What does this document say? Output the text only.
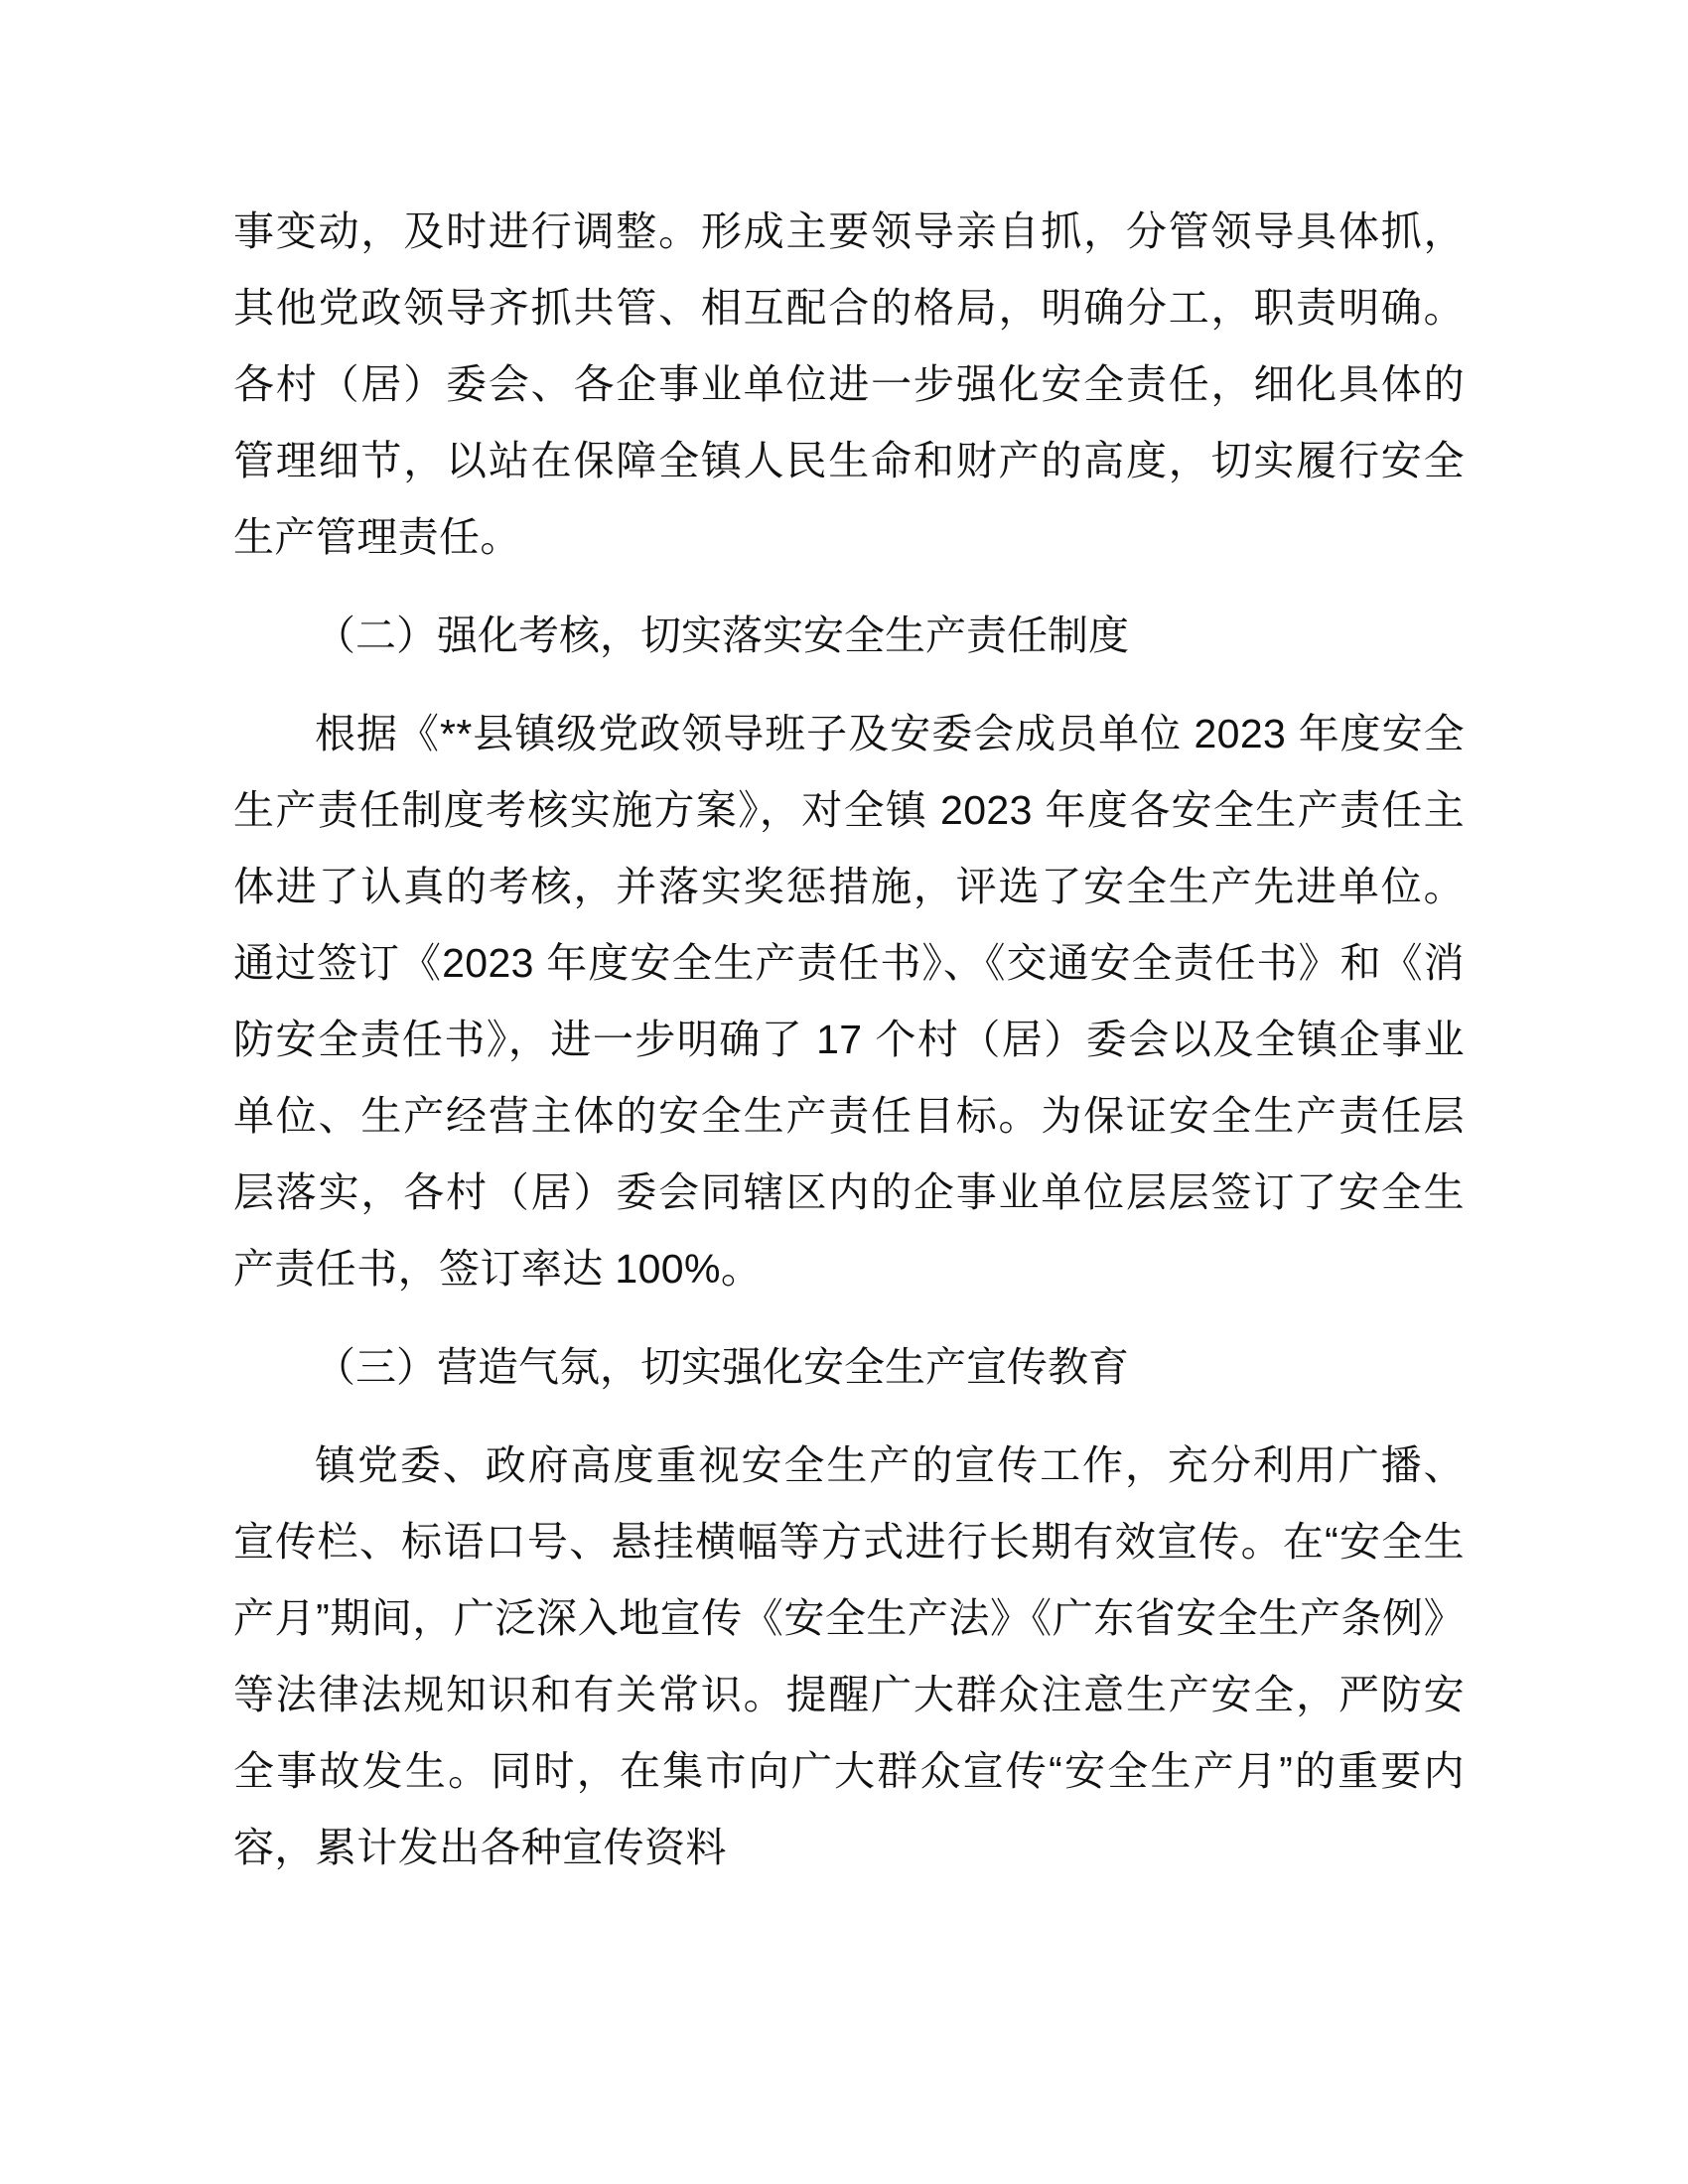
事变动，及时进行调整。形成主要领导亲自抓，分管领导具体抓，其他党政领导齐抓共管、相互配合的格局，明确分工，职责明确。各村（居）委会、各企事业单位进一步强化安全责任，细化具体的管理细节，以站在保障全镇人民生命和财产的高度，切实履行安全生产管理责任。

（二）强化考核，切实落实安全生产责任制度

根据《**县镇级党政领导班子及安委会成员单位 2023 年度安全生产责任制度考核实施方案》，对全镇 2023 年度各安全生产责任主体进了认真的考核，并落实奖惩措施，评选了安全生产先进单位。通过签订《2023 年度安全生产责任书》、《交通安全责任书》和《消防安全责任书》，进一步明确了 17 个村（居）委会以及全镇企事业单位、生产经营主体的安全生产责任目标。为保证安全生产责任层层落实，各村（居）委会同辖区内的企事业单位层层签订了安全生产责任书，签订率达 100%。

（三）营造气氛，切实强化安全生产宣传教育

镇党委、政府高度重视安全生产的宣传工作，充分利用广播、宣传栏、标语口号、悬挂横幅等方式进行长期有效宣传。在“安全生产月”期间，广泛深入地宣传《安全生产法》《广东省安全生产条例》等法律法规知识和有关常识。提醒广大群众注意生产安全，严防安全事故发生。同时，在集市向广大群众宣传“安全生产月”的重要内容，累计发出各种宣传资料
